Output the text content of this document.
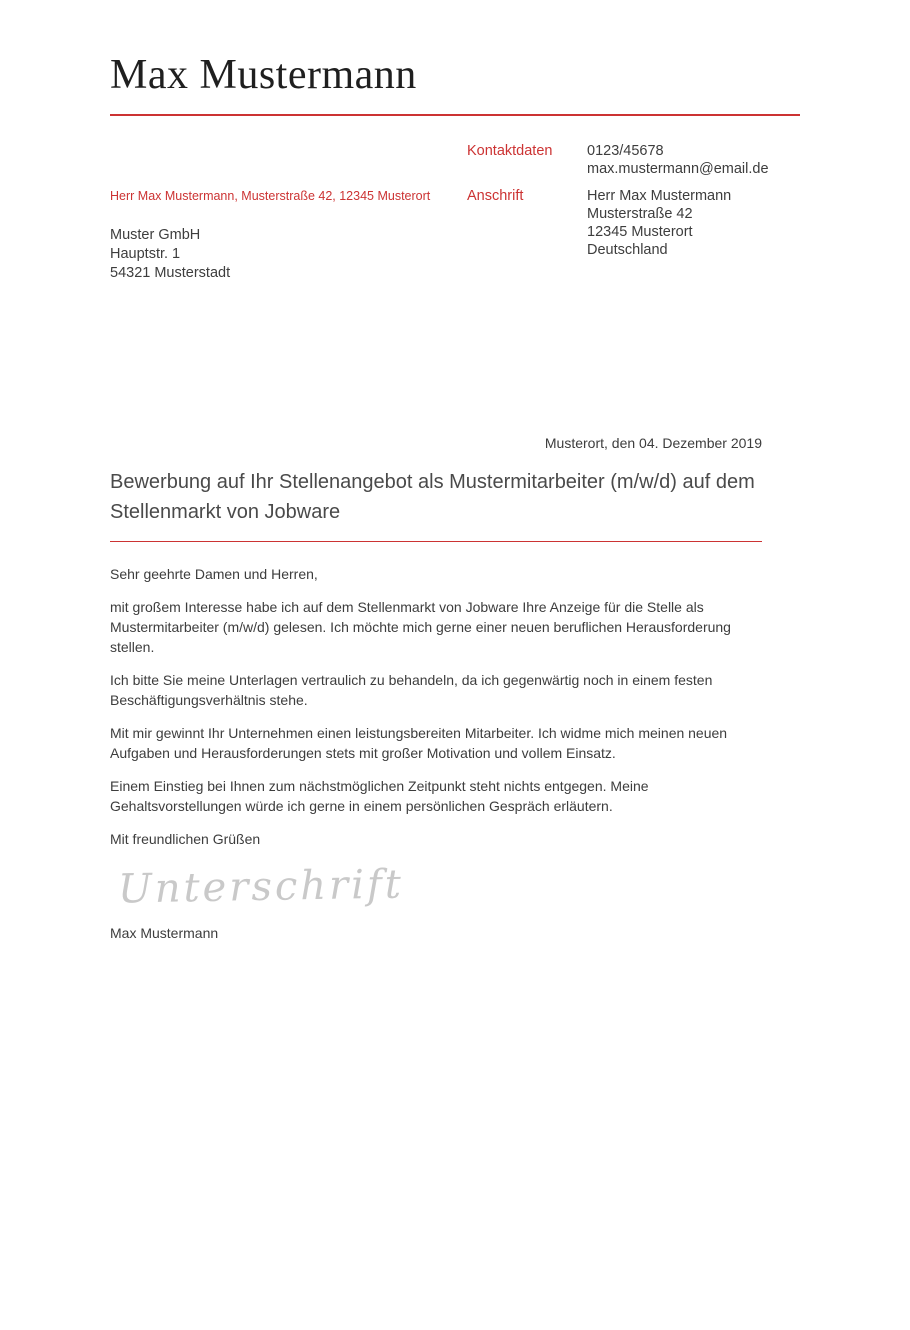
Max Mustermann
Kontaktdaten	0123/45678
max.mustermann@email.de
Herr Max Mustermann, Musterstraße 42, 12345 Musterort
Muster GmbH
Hauptstr. 1
54321 Musterstadt
Anschrift	Herr Max Mustermann
Musterstraße 42
12345 Musterort
Deutschland
Musterort, den 04. Dezember 2019
Bewerbung auf Ihr Stellenangebot als Mustermitarbeiter (m/w/d) auf dem Stellenmarkt von Jobware

Sehr geehrte Damen und Herren,

mit großem Interesse habe ich auf dem Stellenmarkt von Jobware Ihre Anzeige für die Stelle als Mustermitarbeiter (m/w/d) gelesen. Ich möchte mich gerne einer neuen beruflichen Herausforderung stellen.

Ich bitte Sie meine Unterlagen vertraulich zu behandeln, da ich gegenwärtig noch in einem festen Beschäftigungsverhältnis stehe.

Mit mir gewinnt Ihr Unternehmen einen leistungsbereiten Mitarbeiter. Ich widme mich meinen neuen Aufgaben und Herausforderungen stets mit großer Motivation und vollem Einsatz.

Einem Einstieg bei Ihnen zum nächstmöglichen Zeitpunkt steht nichts entgegen. Meine Gehaltsvorstellungen würde ich gerne in einem persönlichen Gespräch erläutern.

Mit freundlichen Grüßen

Unterschrift
Max Mustermann
